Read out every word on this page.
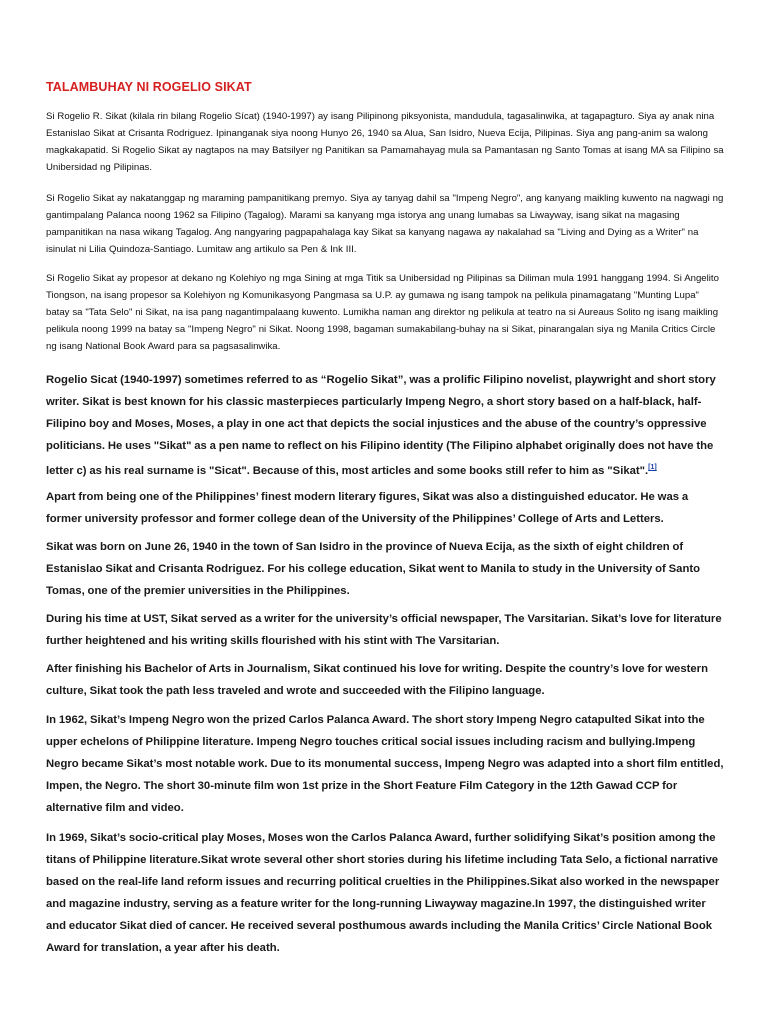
TALAMBUHAY NI ROGELIO SIKAT

Si Rogelio R. Sikat (kilala rin bilang Rogelio Sícat) (1940-1997) ay isang Pilipinong piksyonista, mandudula, tagasalinwika, at tagapagturo. Siya ay anak nina Estanislao Sikat at Crisanta Rodriguez. Ipinanganak siya noong Hunyo 26, 1940 sa Alua, San Isidro, Nueva Ecija, Pilipinas. Siya ang pang-anim sa walong magkakapatid. Si Rogelio Sikat ay nagtapos na may Batsilyer ng Panitikan sa Pamamahayag mula sa Pamantasan ng Santo Tomas at isang MA sa Filipino sa Unibersidad ng Pilipinas.

Si Rogelio Sikat ay nakatanggap ng maraming pampanitikang premyo. Siya ay tanyag dahil sa "Impeng Negro", ang kanyang maikling kuwento na nagwagi ng gantimpalang Palanca noong 1962 sa Filipino (Tagalog). Marami sa kanyang mga istorya ang unang lumabas sa Liwayway, isang sikat na magasing pampanitikan na nasa wikang Tagalog. Ang nangyaring pagpapahalaga kay Sikat sa kanyang nagawa ay nakalahad sa "Living and Dying as a Writer" na isinulat ni Lilia Quindoza-Santiago. Lumitaw ang artikulo sa Pen & Ink III.

Si Rogelio Sikat ay propesor at dekano ng Kolehiyo ng mga Sining at mga Titik sa Unibersidad ng Pilipinas sa Diliman mula 1991 hanggang 1994. Si Angelito Tiongson, na isang propesor sa Kolehiyon ng Komunikasyong Pangmasa sa U.P. ay gumawa ng isang tampok na pelikula pinamagatang "Munting Lupa" batay sa "Tata Selo" ni Sikat, na isa pang nagantimpalaang kuwento. Lumikha naman ang direktor ng pelikula at teatro na si Aureaus Solito ng isang maikling pelikula noong 1999 na batay sa "Impeng Negro" ni Sikat. Noong 1998, bagaman sumakabilang-buhay na si Sikat, pinarangalan siya ng Manila Critics Circle ng isang National Book Award para sa pagsasalinwika.

Rogelio Sicat (1940-1997) sometimes referred to as “Rogelio Sikat”, was a prolific Filipino novelist, playwright and short story writer. Sikat is best known for his classic masterpieces particularly Impeng Negro, a short story based on a half-black, half-Filipino boy and Moses, Moses, a play in one act that depicts the social injustices and the abuse of the country’s oppressive politicians. He uses "Sikat" as a pen name to reflect on his Filipino identity (The Filipino alphabet originally does not have the letter c) as his real surname is "Sicat". Because of this, most articles and some books still refer to him as "Sikat".[1]

Apart from being one of the Philippines’ finest modern literary figures, Sikat was also a distinguished educator. He was a former university professor and former college dean of the University of the Philippines’ College of Arts and Letters.

Sikat was born on June 26, 1940 in the town of San Isidro in the province of Nueva Ecija, as the sixth of eight children of Estanislao Sikat and Crisanta Rodriguez. For his college education, Sikat went to Manila to study in the University of Santo Tomas, one of the premier universities in the Philippines.

During his time at UST, Sikat served as a writer for the university’s official newspaper, The Varsitarian. Sikat’s love for literature further heightened and his writing skills flourished with his stint with The Varsitarian.

After finishing his Bachelor of Arts in Journalism, Sikat continued his love for writing. Despite the country’s love for western culture, Sikat took the path less traveled and wrote and succeeded with the Filipino language.

In 1962, Sikat’s Impeng Negro won the prized Carlos Palanca Award. The short story Impeng Negro catapulted Sikat into the upper echelons of Philippine literature. Impeng Negro touches critical social issues including racism and bullying.Impeng Negro became Sikat’s most notable work. Due to its monumental success, Impeng Negro was adapted into a short film entitled, Impen, the Negro. The short 30-minute film won 1st prize in the Short Feature Film Category in the 12th Gawad CCP for alternative film and video.

In 1969, Sikat’s socio-critical play Moses, Moses won the Carlos Palanca Award, further solidifying Sikat’s position among the titans of Philippine literature.Sikat wrote several other short stories during his lifetime including Tata Selo, a fictional narrative based on the real-life land reform issues and recurring political cruelties in the Philippines.Sikat also worked in the newspaper and magazine industry, serving as a feature writer for the long-running Liwayway magazine.In 1997, the distinguished writer and educator Sikat died of cancer. He received several posthumous awards including the Manila Critics’ Circle National Book Award for translation, a year after his death.
